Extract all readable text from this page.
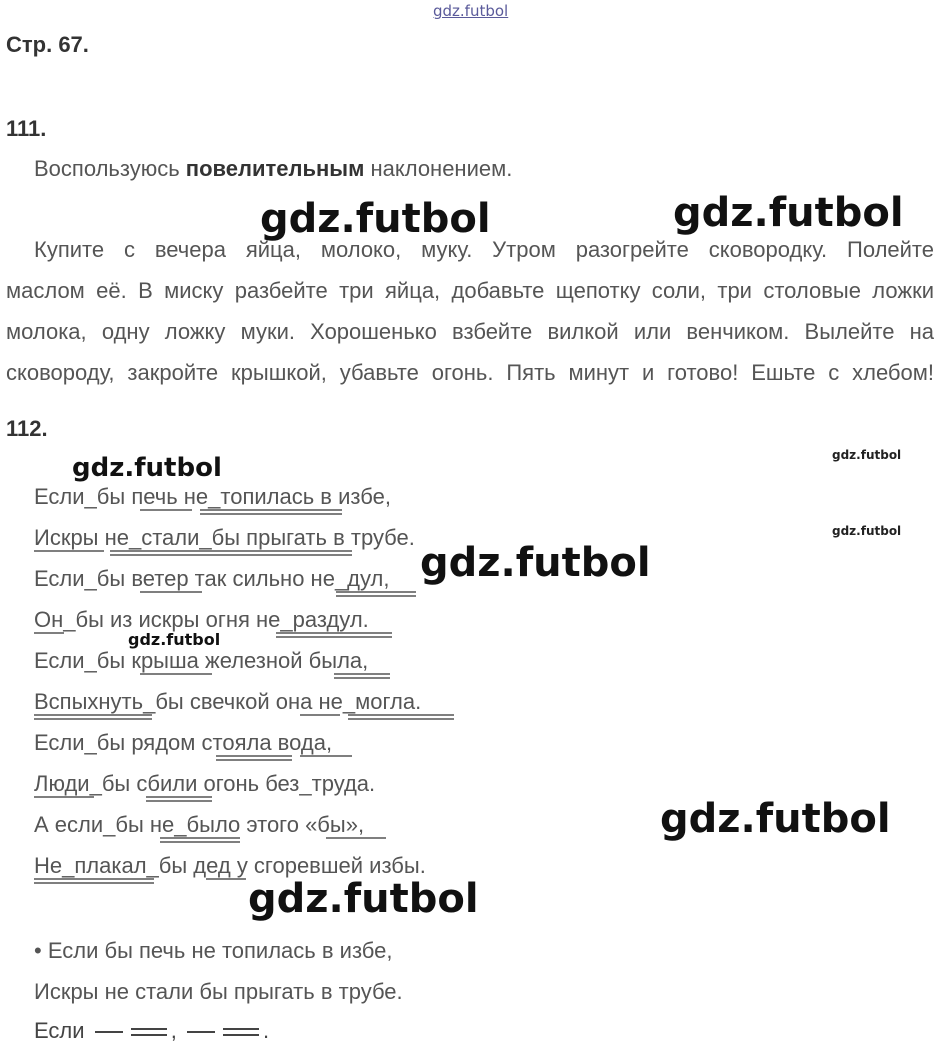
gdz.futbol
gdz.futbol	gdz.futbol
gdz.futbol	gdz.futbol
gdz.futbol
gdz.futbol
gdz.futbol
gdz.futbol
gdz.futbol
Стр. 67.
111.
Воспользуюсь повелительным наклонением.
Купите с вечера яйца, молоко, муку. Утром разогрейте сковородку. Полейте
маслом её. В миску разбейте три яйца, добавьте щепотку соли, три столовые ложки
молока, одну ложку муки. Хорошенько взбейте вилкой или венчиком. Вылейте на
сковороду, закройте крышкой, убавьте огонь. Пять минут и готово! Ешьте с хлебом!
112.
Если_бы печь не_топилась в избе,
Искры не_стали_бы прыгать в трубе.
Если_бы ветер так сильно не_дул,
Он_бы из искры огня не_раздул.
Если_бы крыша железной была,
Вспыхнуть_бы свечкой она не_могла.
Если_бы рядом стояла вода,
Люди_бы сбили огонь без_труда.
А если_бы не_было этого «бы»,
Не_плакал_бы дед у сгоревшей избы.
• Если бы печь не топилась в избе,
Искры не стали бы прыгать в трубе.
Если	,	.
